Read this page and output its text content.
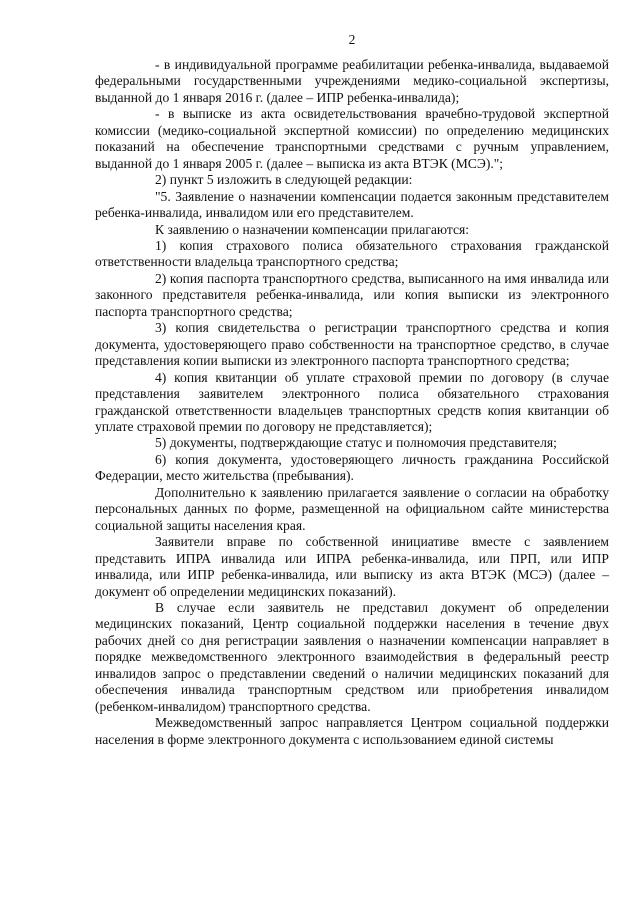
2

- в индивидуальной программе реабилитации ребенка-инвалида, выдаваемой федеральными государственными учреждениями медико-социальной экспертизы, выданной до 1 января 2016 г. (далее – ИПР ребенка-инвалида);

- в выписке из акта освидетельствования врачебно-трудовой экспертной комиссии (медико-социальной экспертной комиссии) по определению медицинских показаний на обеспечение транспортными средствами с ручным управлением, выданной до 1 января 2005 г. (далее – выписка из акта ВТЭК (МСЭ).";

2) пункт 5 изложить в следующей редакции:

"5. Заявление о назначении компенсации подается законным представителем ребенка-инвалида, инвалидом или его представителем.

К заявлению о назначении компенсации прилагаются:

1) копия страхового полиса обязательного страхования гражданской ответственности владельца транспортного средства;

2) копия паспорта транспортного средства, выписанного на имя инвалида или законного представителя ребенка-инвалида, или копия выписки из электронного паспорта транспортного средства;

3) копия свидетельства о регистрации транспортного средства и копия документа, удостоверяющего право собственности на транспортное средство, в случае представления копии выписки из электронного паспорта транспортного средства;

4) копия квитанции об уплате страховой премии по договору (в случае представления заявителем электронного полиса обязательного страхования гражданской ответственности владельцев транспортных средств копия квитанции об уплате страховой премии по договору не представляется);

5) документы, подтверждающие статус и полномочия представителя;

6) копия документа, удостоверяющего личность гражданина Российской Федерации, место жительства (пребывания).

Дополнительно к заявлению прилагается заявление о согласии на обработку персональных данных по форме, размещенной на официальном сайте министерства социальной защиты населения края.

Заявители вправе по собственной инициативе вместе с заявлением представить ИПРА инвалида или ИПРА ребенка-инвалида, или ПРП, или ИПР инвалида, или ИПР ребенка-инвалида, или выписку из акта ВТЭК (МСЭ) (далее – документ об определении медицинских показаний).

В случае если заявитель не представил документ об определении медицинских показаний, Центр социальной поддержки населения в течение двух рабочих дней со дня регистрации заявления о назначении компенсации направляет в порядке межведомственного электронного взаимодействия в федеральный реестр инвалидов запрос о представлении сведений о наличии медицинских показаний для обеспечения инвалида транспортным средством или приобретения инвалидом (ребенком-инвалидом) транспортного средства.

Межведомственный запрос направляется Центром социальной поддержки населения в форме электронного документа с использованием единой системы
